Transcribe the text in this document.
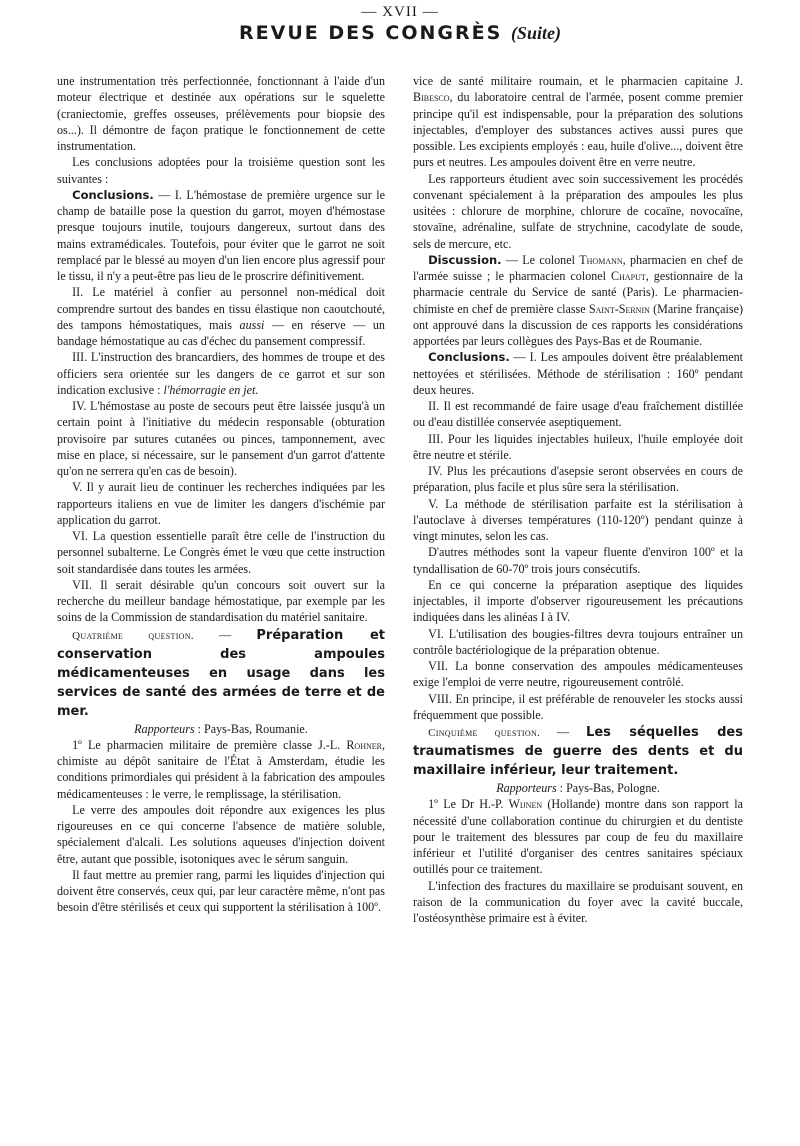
— XVII —
REVUE DES CONGRÈS (Suite)

une instrumentation très perfectionnée, fonctionnant à l'aide d'un moteur électrique et destinée aux opérations sur le squelette (craniectomie, greffes osseuses, prélèvements pour biopsie des os...). Il démontre de façon pratique le fonctionnement de cette instrumentation.

Les conclusions adoptées pour la troisième question sont les suivantes :

Conclusions. — I. L'hémostase de première urgence sur le champ de bataille pose la question du garrot, moyen d'hémostase presque toujours inutile, toujours dangereux, surtout dans des mains extramédicales. Toutefois, pour éviter que le garrot ne soit remplacé par le blessé au moyen d'un lien encore plus agressif pour le tissu, il n'y a peut-être pas lieu de le proscrire définitivement.

II. Le matériel à confier au personnel non-médical doit comprendre surtout des bandes en tissu élastique non caoutchouté, des tampons hémostatiques, mais aussi — en réserve — un bandage hémostatique au cas d'échec du pansement compressif.

III. L'instruction des brancardiers, des hommes de troupe et des officiers sera orientée sur les dangers de ce garrot et sur son indication exclusive : l'hémorragie en jet.

IV. L'hémostase au poste de secours peut être laissée jusqu'à un certain point à l'initiative du médecin responsable (obturation provisoire par sutures cutanées ou pinces, tamponnement, avec mise en place, si nécessaire, sur le pansement d'un garrot d'attente qu'on ne serrera qu'en cas de besoin).

V. Il y aurait lieu de continuer les recherches indiquées par les rapporteurs italiens en vue de limiter les dangers d'ischémie par application du garrot.

VI. La question essentielle paraît être celle de l'instruction du personnel subalterne. Le Congrès émet le vœu que cette instruction soit standardisée dans toutes les armées.

VII. Il serait désirable qu'un concours soit ouvert sur la recherche du meilleur bandage hémostatique, par exemple par les soins de la Commission de standardisation du matériel sanitaire.

Quatrième question. — Préparation et conservation des ampoules médicamenteuses en usage dans les services de santé des armées de terre et de mer.

Rapporteurs : Pays-Bas, Roumanie.

1º Le pharmacien militaire de première classe J.-L. Rohner, chimiste au dépôt sanitaire de l'État à Amsterdam, étudie les conditions primordiales qui président à la fabrication des ampoules médicamenteuses : le verre, le remplissage, la stérilisation.

Le verre des ampoules doit répondre aux exigences les plus rigoureuses en ce qui concerne l'absence de matière soluble, spécialement d'alcali. Les solutions aqueuses d'injection doivent être, autant que possible, isotoniques avec le sérum sanguin.

Il faut mettre au premier rang, parmi les liquides d'injection qui doivent être conservés, ceux qui, par leur caractère même, n'ont pas besoin d'être stérilisés et ceux qui supportent la stérilisation à 100º.

vice de santé militaire roumain, et le pharmacien capitaine J. Bibesco, du laboratoire central de l'armée, posent comme premier principe qu'il est indispensable, pour la préparation des solutions injectables, d'employer des substances actives aussi pures que possible. Les excipients employés : eau, huile d'olive..., doivent être purs et neutres. Les ampoules doivent être en verre neutre.

Les rapporteurs étudient avec soin successivement les procédés convenant spécialement à la préparation des ampoules les plus usitées : chlorure de morphine, chlorure de cocaïne, novocaïne, stovaïne, adrénaline, sulfate de strychnine, cacodylate de soude, sels de mercure, etc.

Discussion. — Le colonel Thomann, pharmacien en chef de l'armée suisse ; le pharmacien colonel Chaput, gestionnaire de la pharmacie centrale du Service de santé (Paris). Le pharmacien-chimiste en chef de première classe Saint-Sernin (Marine française) ont approuvé dans la discussion de ces rapports les considérations apportées par leurs collègues des Pays-Bas et de Roumanie.

Conclusions. — I. Les ampoules doivent être préalablement nettoyées et stérilisées. Méthode de stérilisation : 160º pendant deux heures.

II. Il est recommandé de faire usage d'eau fraîchement distillée ou d'eau distillée conservée aseptiquement.

III. Pour les liquides injectables huileux, l'huile employée doit être neutre et stérile.

IV. Plus les précautions d'asepsie seront observées en cours de préparation, plus facile et plus sûre sera la stérilisation.

V. La méthode de stérilisation parfaite est la stérilisation à l'autoclave à diverses températures (110-120º) pendant quinze à vingt minutes, selon les cas.

D'autres méthodes sont la vapeur fluente d'environ 100º et la tyndallisation de 60-70º trois jours consécutifs.

En ce qui concerne la préparation aseptique des liquides injectables, il importe d'observer rigoureusement les précautions indiquées dans les alinéas I à IV.

VI. L'utilisation des bougies-filtres devra toujours entraîner un contrôle bactériologique de la préparation obtenue.

VII. La bonne conservation des ampoules médicamenteuses exige l'emploi de verre neutre, rigoureusement contrôlé.

VIII. En principe, il est préférable de renouveler les stocks aussi fréquemment que possible.

Cinquième question. — Les séquelles des traumatismes de guerre des dents et du maxillaire inférieur, leur traitement.

Rapporteurs : Pays-Bas, Pologne.

1º Le Dr H.-P. Wijnen (Hollande) montre dans son rapport la nécessité d'une collaboration continue du chirurgien et du dentiste pour le traitement des blessures par coup de feu du maxillaire inférieur et l'utilité d'organiser des centres sanitaires spéciaux outillés pour ce traitement.

L'infection des fractures du maxillaire se produisant souvent, en raison de la communication du foyer avec la cavité buccale, l'ostéosynthèse primaire est à éviter.
